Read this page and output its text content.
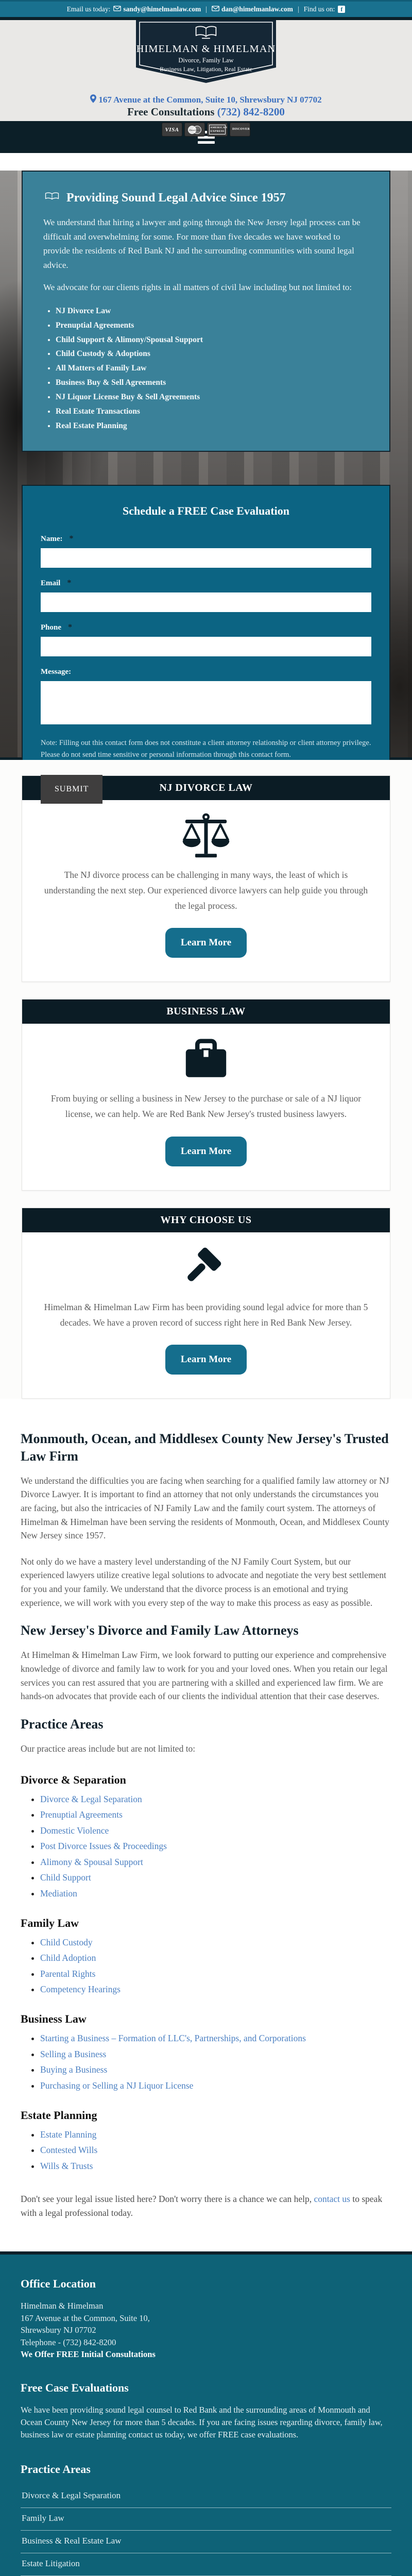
Email us today: sandy@himelmanlaw.com | dan@himelmanlaw.com | Find us on:
f
HIMELMAN & HIMELMAN
Divorce, Family Law
Business Law, Litigation, Real Estate
167 Avenue at the Common, Suite 10, Shrewsbury NJ 07702
Free Consultations (732) 842-8200
VISA	MasterCard
AMERICAN EXPRESS
DISCOVER
Providing Sound Legal Advice Since 1957

We understand that hiring a lawyer and going through the New Jersey legal process can be difficult and overwhelming for some. For more than five decades we have worked to provide the residents of Red Bank NJ and the surrounding communities with sound legal advice.

We advocate for our clients rights in all matters of civil law including but not limited to:

• NJ Divorce Law
• Prenuptial Agreements
• Child Support & Alimony/Spousal Support
• Child Custody & Adoptions
• All Matters of Family Law
• Business Buy & Sell Agreements
• NJ Liquor License Buy & Sell Agreements
• Real Estate Transactions
• Real Estate Planning
Schedule a FREE Case Evaluation
Name: *
Email *
Phone *
Message:

Note: Filling out this contact form does not constitute a client attorney relationship or client attorney privilege. Please do not send time sensitive or personal information through this contact form.

SUBMIT	NJ DIVORCE LAW

The NJ divorce process can be challenging in many ways, the least of which is understanding the next step. Our experienced divorce lawyers can help guide you through the legal process.

Learn More
BUSINESS LAW

From buying or selling a business in New Jersey to the purchase or sale of a NJ liquor license, we can help. We are Red Bank New Jersey's trusted business lawyers.

Learn More
WHY CHOOSE US

Himelman & Himelman Law Firm has been providing sound legal advice for more than 5 decades. We have a proven record of success right here in Red Bank New Jersey.

Learn More
Monmouth, Ocean, and Middlesex County New Jersey's Trusted Law Firm

We understand the difficulties you are facing when searching for a qualified family law attorney or NJ Divorce Lawyer. It is important to find an attorney that not only understands the circumstances you are facing, but also the intricacies of NJ Family Law and the family court system. The attorneys of Himelman & Himelman have been serving the residents of Monmouth, Ocean, and Middlesex County New Jersey since 1957.

Not only do we have a mastery level understanding of the NJ Family Court System, but our experienced lawyers utilize creative legal solutions to advocate and negotiate the very best settlement for you and your family. We understand that the divorce process is an emotional and trying experience, we will work with you every step of the way to make this process as easy as possible.

New Jersey's Divorce and Family Law Attorneys

At Himelman & Himelman Law Firm, we look forward to putting our experience and comprehensive knowledge of divorce and family law to work for you and your loved ones. When you retain our legal services you can rest assured that you are partnering with a skilled and experienced law firm. We are hands-on advocates that provide each of our clients the individual attention that their case deserves.

Practice Areas

Our practice areas include but are not limited to:

Divorce & Separation
• Divorce & Legal Separation
• Prenuptial Agreements
• Domestic Violence
• Post Divorce Issues & Proceedings
• Alimony & Spousal Support
• Child Support
• Mediation
Family Law
• Child Custody
• Child Adoption
• Parental Rights
• Competency Hearings
Business Law
• Starting a Business – Formation of LLC's, Partnerships, and Corporations
• Selling a Business
• Buying a Business
• Purchasing or Selling a NJ Liquor License
Estate Planning
• Estate Planning
• Contested Wills
• Wills & Trusts

Don't see your legal issue listed here? Don't worry there is a chance we can help, contact us to speak with a legal professional today.

Office Location
Himelman & Himelman
167 Avenue at the Common, Suite 10,
Shrewsbury NJ 07702
Telephone - (732) 842-8200
We Offer FREE Initial Consultations
Free Case Evaluations

We have been providing sound legal counsel to Red Bank and the surrounding areas of Monmouth and Ocean County New Jersey for more than 5 decades. If you are facing issues regarding divorce, family law, business law or estate planning contact us today, we offer FREE case evaluations.

Practice Areas
Divorce & Legal Separation
Family Law
Business & Real Estate Law
Estate Litigation
